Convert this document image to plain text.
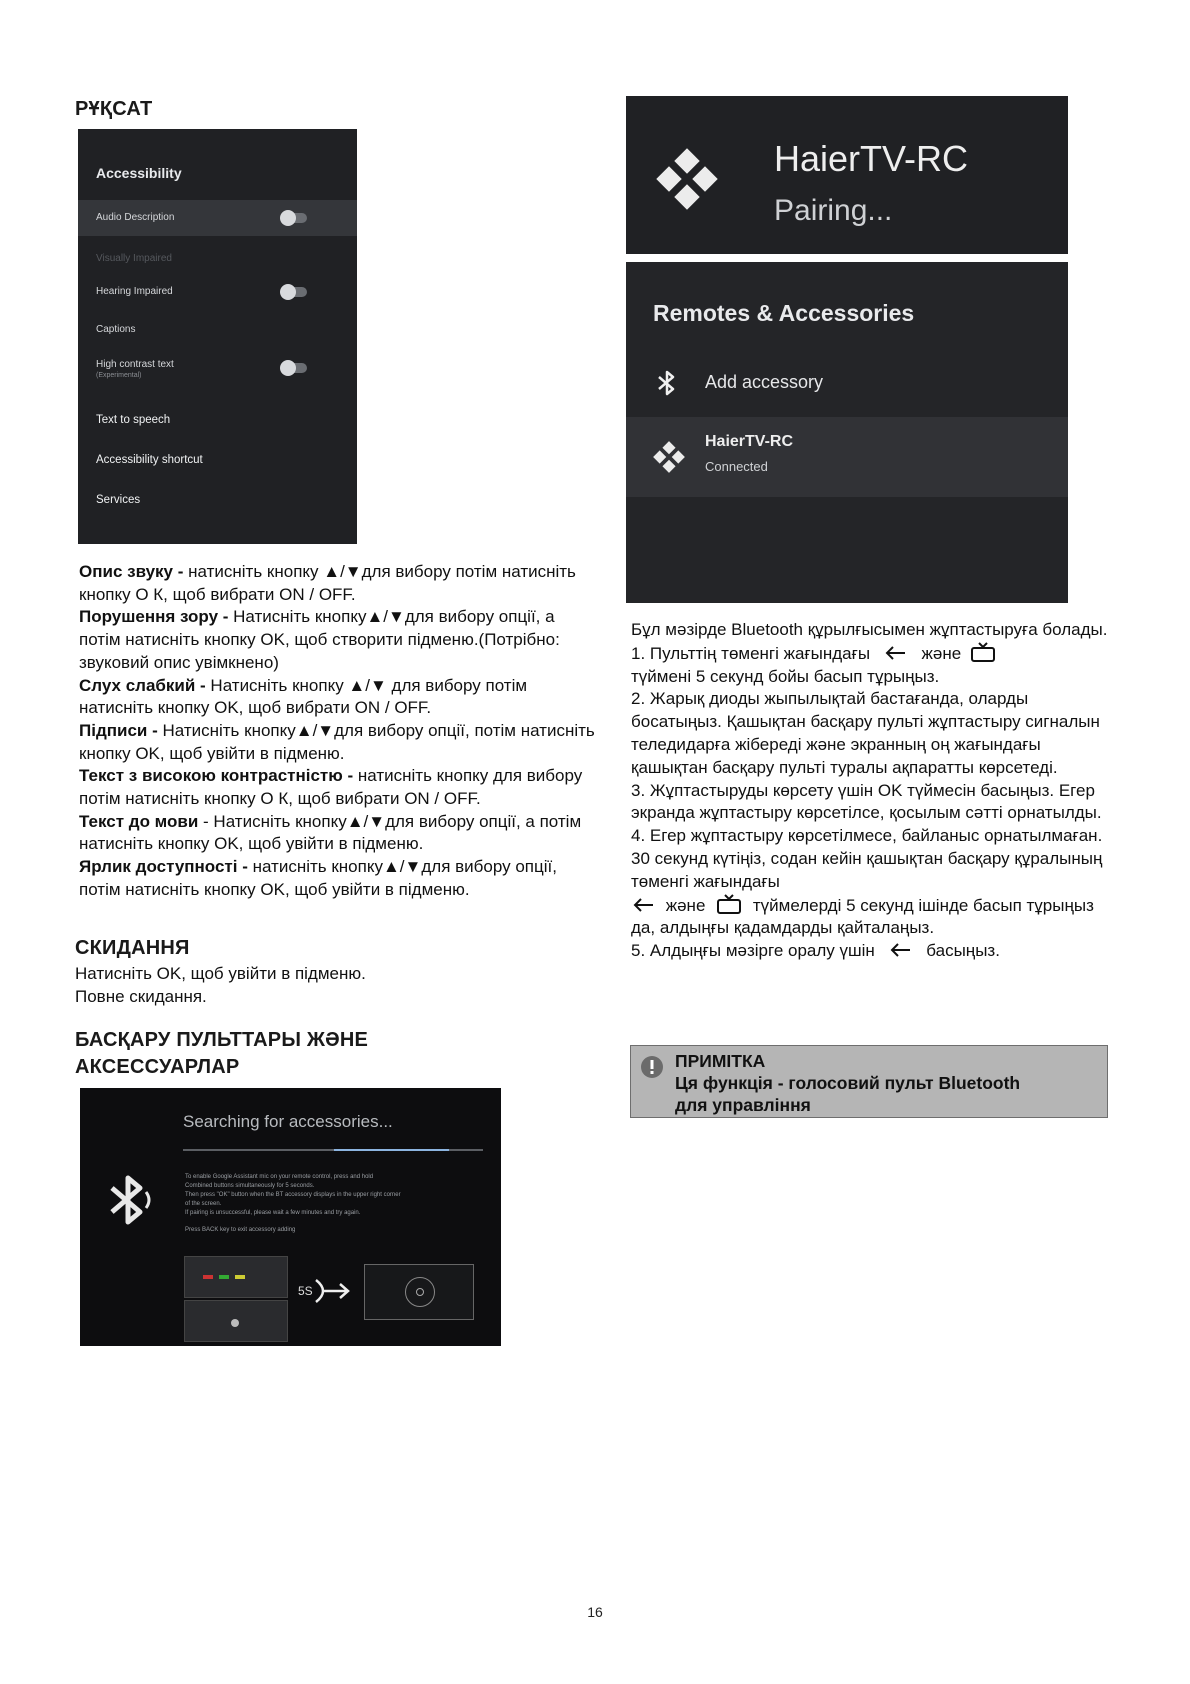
РҰҚСАТ
Accessibility
Audio Description
Visually Impaired
Hearing Impaired
Captions
High contrast text
(Experimental)
Text to speech
Accessibility shortcut
Services
Опис звуку - натисніть кнопку ▲/▼для вибору потім натисніть кнопку О К, щоб вибрати ON / OFF.
Порушення зору - Натисніть кнопку▲/▼для вибору опції, а потім натисніть кнопку OK, щоб створити підменю.(Потрібно: звуковий опис увімкнено)
Слух слабкий - Натисніть кнопку ▲/▼ для вибору потім натисніть кнопку OK, щоб вибрати ON / OFF.
Підписи - Натисніть кнопку▲/▼для вибору опції, потім натисніть кнопку OK, щоб увійти в підменю.
Текст з високою контрастністю - натисніть кнопку для вибору потім натисніть кнопку О К, щоб вибрати ON / OFF.
Текст до мови - Натисніть кнопку▲/▼для вибору опції, а потім натисніть кнопку OK, щоб увійти в підменю.
Ярлик доступності - натисніть кнопку▲/▼для вибору опції, потім натисніть кнопку OK, щоб увійти в підменю.
СКИДАННЯ
Натисніть OK, щоб увійти в підменю.
Повне скидання.
БАСҚАРУ ПУЛЬТТАРЫ ЖӘНЕ
АКСЕССУАРЛАР
Searching for accessories...
To enable Google Assistant mic on your remote control, press and hold
Combined buttons simultaneously for 5 seconds.
Then press "OK" button when the BT accessory displays in the upper right corner
of the screen.
If pairing is unsuccessful, please wait a few minutes and try again.
Press BACK key to exit accessory adding
5S
HaierTV-RC
Pairing...
Remotes & Accessories
Add accessory
HaierTV-RC
Connected
Бұл мәзірде Bluetooth құрылғысымен жұптастыруға болады.
1. Пульттің төменгі жағындағы	және
түймені 5 секунд бойы басып тұрыңыз.
2. Жарық диоды жыпылықтай бастағанда, оларды босатыңыз. Қашықтан басқару пульті жұптастыру сигналын теледидарға жібереді және экранның оң жағындағы қашықтан басқару пульті туралы ақпаратты көрсетеді.
3. Жұптастыруды көрсету үшін OK түймесін басыңыз. Егер экранда жұптастыру көрсетілсе, қосылым сәтті орнатылды.
4. Егер жұптастыру көрсетілмесе, байланыс орнатылмаған. 30 секунд күтіңіз, содан кейін қашықтан басқару құралының төменгі жағындағы
және	түймелерді 5 секунд ішінде басып тұрыңыз да, алдыңғы қадамдарды қайталаңыз.
5. Алдыңғы мәзірге оралу үшін	басыңыз.
ПРИМІТКА
Ця функція - голосовий пульт Bluetooth
для управління
16
